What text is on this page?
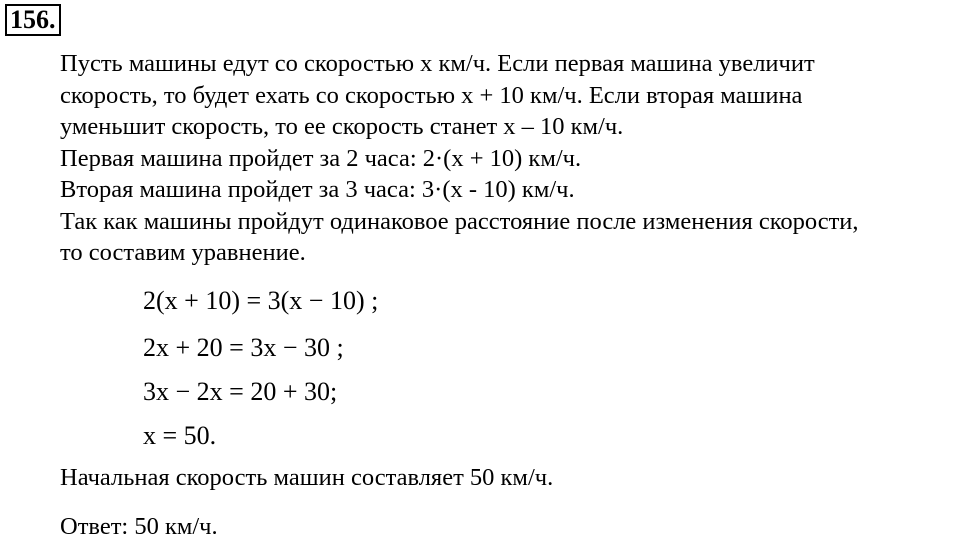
156.
Пусть машины едут со скоростью x км/ч. Если первая машина увеличит
скорость, то будет ехать со скоростью x + 10 км/ч. Если вторая машина
уменьшит скорость, то ее скорость станет x – 10 км/ч.
Первая машина пройдет за 2 часа: 2·(x + 10) км/ч.
Вторая машина пройдет за 3 часа: 3·(x - 10) км/ч.
Так как машины пройдут одинаковое расстояние после изменения скорости,
то составим уравнение.
2(x + 10) = 3(x − 10) ;
2x + 20 = 3x − 30 ;
3x − 2x = 20 + 30;
x = 50.
Начальная скорость машин составляет 50 км/ч.
Ответ: 50 км/ч.
